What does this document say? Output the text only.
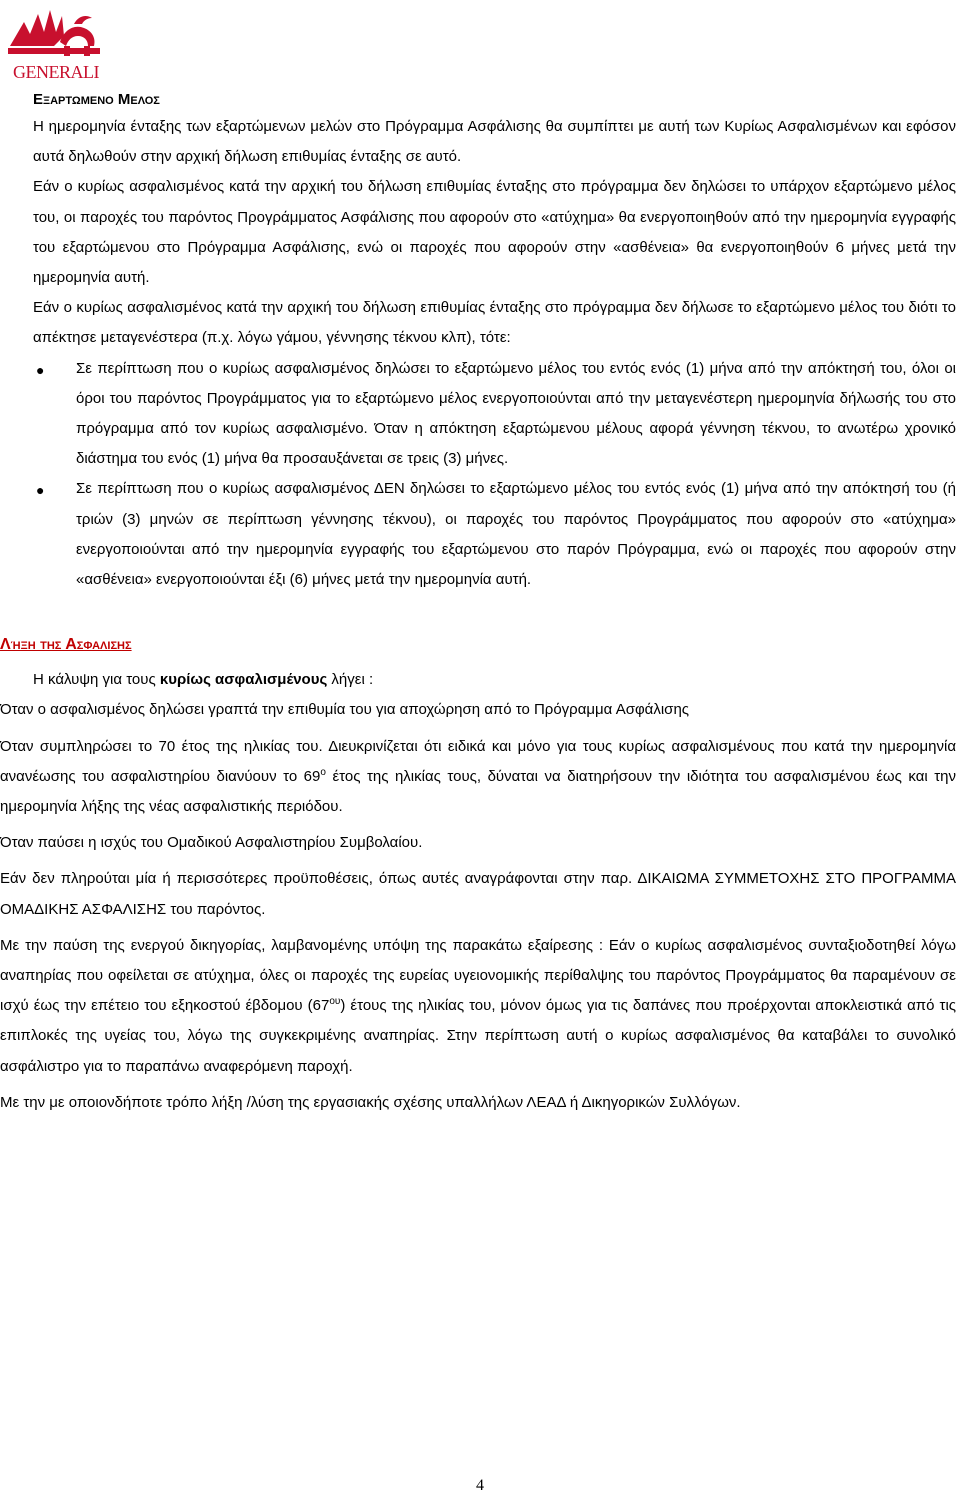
GENERALI
Εξαρτωμενο Μελος

Η ημερομηνία ένταξης των εξαρτώμενων μελών στο Πρόγραμμα Ασφάλισης θα συμπίπτει με αυτή των Κυρίως Ασφαλισμένων και εφόσον αυτά δηλωθούν στην αρχική δήλωση επιθυμίας ένταξης σε αυτό.

Εάν ο κυρίως ασφαλισμένος κατά την αρχική του δήλωση επιθυμίας ένταξης στο πρόγραμμα δεν δηλώσει το υπάρχον εξαρτώμενο μέλος του, οι παροχές του παρόντος Προγράμματος Ασφάλισης που αφορούν στο «ατύχημα» θα ενεργοποιηθούν από την ημερομηνία εγγραφής του εξαρτώμενου στο Πρόγραμμα Ασφάλισης, ενώ οι παροχές που αφορούν στην «ασθένεια» θα ενεργοποιηθούν 6 μήνες μετά την ημερομηνία αυτή.

Εάν ο κυρίως ασφαλισμένος κατά την αρχική του δήλωση επιθυμίας ένταξης στο πρόγραμμα δεν δήλωσε το εξαρτώμενο μέλος του διότι το απέκτησε μεταγενέστερα (π.χ. λόγω γάμου, γέννησης τέκνου κλπ), τότε:

● Σε περίπτωση που ο κυρίως ασφαλισμένος δηλώσει το εξαρτώμενο μέλος του εντός ενός (1) μήνα από την απόκτησή του, όλοι οι όροι του παρόντος Προγράμματος για το εξαρτώμενο μέλος ενεργοποιούνται από την μεταγενέστερη ημερομηνία δήλωσής του στο πρόγραμμα από τον κυρίως ασφαλισμένο. Όταν η απόκτηση εξαρτώμενου μέλους αφορά γέννηση τέκνου, το ανωτέρω χρονικό διάστημα του ενός (1) μήνα θα προσαυξάνεται σε τρεις (3) μήνες.

● Σε περίπτωση που ο κυρίως ασφαλισμένος ΔΕΝ δηλώσει το εξαρτώμενο μέλος του εντός ενός (1) μήνα από την απόκτησή του (ή τριών (3) μηνών σε περίπτωση γέννησης τέκνου), οι παροχές του παρόντος Προγράμματος που αφορούν στο «ατύχημα» ενεργοποιούνται από την ημερομηνία εγγραφής του εξαρτώμενου στο παρόν Πρόγραμμα, ενώ οι παροχές που αφορούν στην «ασθένεια» ενεργοποιούνται έξι (6) μήνες μετά την ημερομηνία αυτή.

Λήξη της Ασφαλισης

Η κάλυψη για τους κυρίως ασφαλισμένους λήγει :

Όταν ο ασφαλισμένος δηλώσει γραπτά την επιθυμία του για αποχώρηση από το Πρόγραμμα Ασφάλισης

Όταν συμπληρώσει το 70 έτος της ηλικίας του. Διευκρινίζεται ότι ειδικά και μόνο για τους κυρίως ασφαλισμένους που κατά την ημερομηνία ανανέωσης του ασφαλιστηρίου διανύουν το $69^o$ έτος της ηλικίας τους, δύναται να διατηρήσουν την ιδιότητα του ασφαλισμένου έως και την ημερομηνία λήξης της νέας ασφαλιστικής περιόδου.

Όταν παύσει η ισχύς του Ομαδικού Ασφαλιστηρίου Συμβολαίου.

Εάν δεν πληρούται μία ή περισσότερες προϋποθέσεις, όπως αυτές αναγράφονται στην παρ. ΔΙΚΑΙΩΜΑ ΣΥΜΜΕΤΟΧΗΣ ΣΤΟ ΠΡΟΓΡΑΜΜΑ ΟΜΑΔΙΚΗΣ ΑΣΦΑΛΙΣΗΣ του παρόντος.

Με την παύση της ενεργού δικηγορίας, λαμβανομένης υπόψη της παρακάτω εξαίρεσης : Εάν ο κυρίως ασφαλισμένος συνταξιοδοτηθεί λόγω αναπηρίας που οφείλεται σε ατύχημα, όλες οι παροχές της ευρείας υγειονομικής περίθαλψης του παρόντος Προγράμματος θα παραμένουν σε ισχύ έως την επέτειο του εξηκοστού έβδομου $(67^{o\upsilon})$ έτους της ηλικίας του, μόνον όμως για τις δαπάνες που προέρχονται αποκλειστικά από τις επιπλοκές της υγείας του, λόγω της συγκεκριμένης αναπηρίας. Στην περίπτωση αυτή ο κυρίως ασφαλισμένος θα καταβάλει το συνολικό ασφάλιστρο για το παραπάνω αναφερόμενη παροχή.

Με την με οποιονδήποτε τρόπο λήξη /λύση της εργασιακής σχέσης υπαλλήλων ΛΕΑΔ ή Δικηγορικών Συλλόγων.

4
